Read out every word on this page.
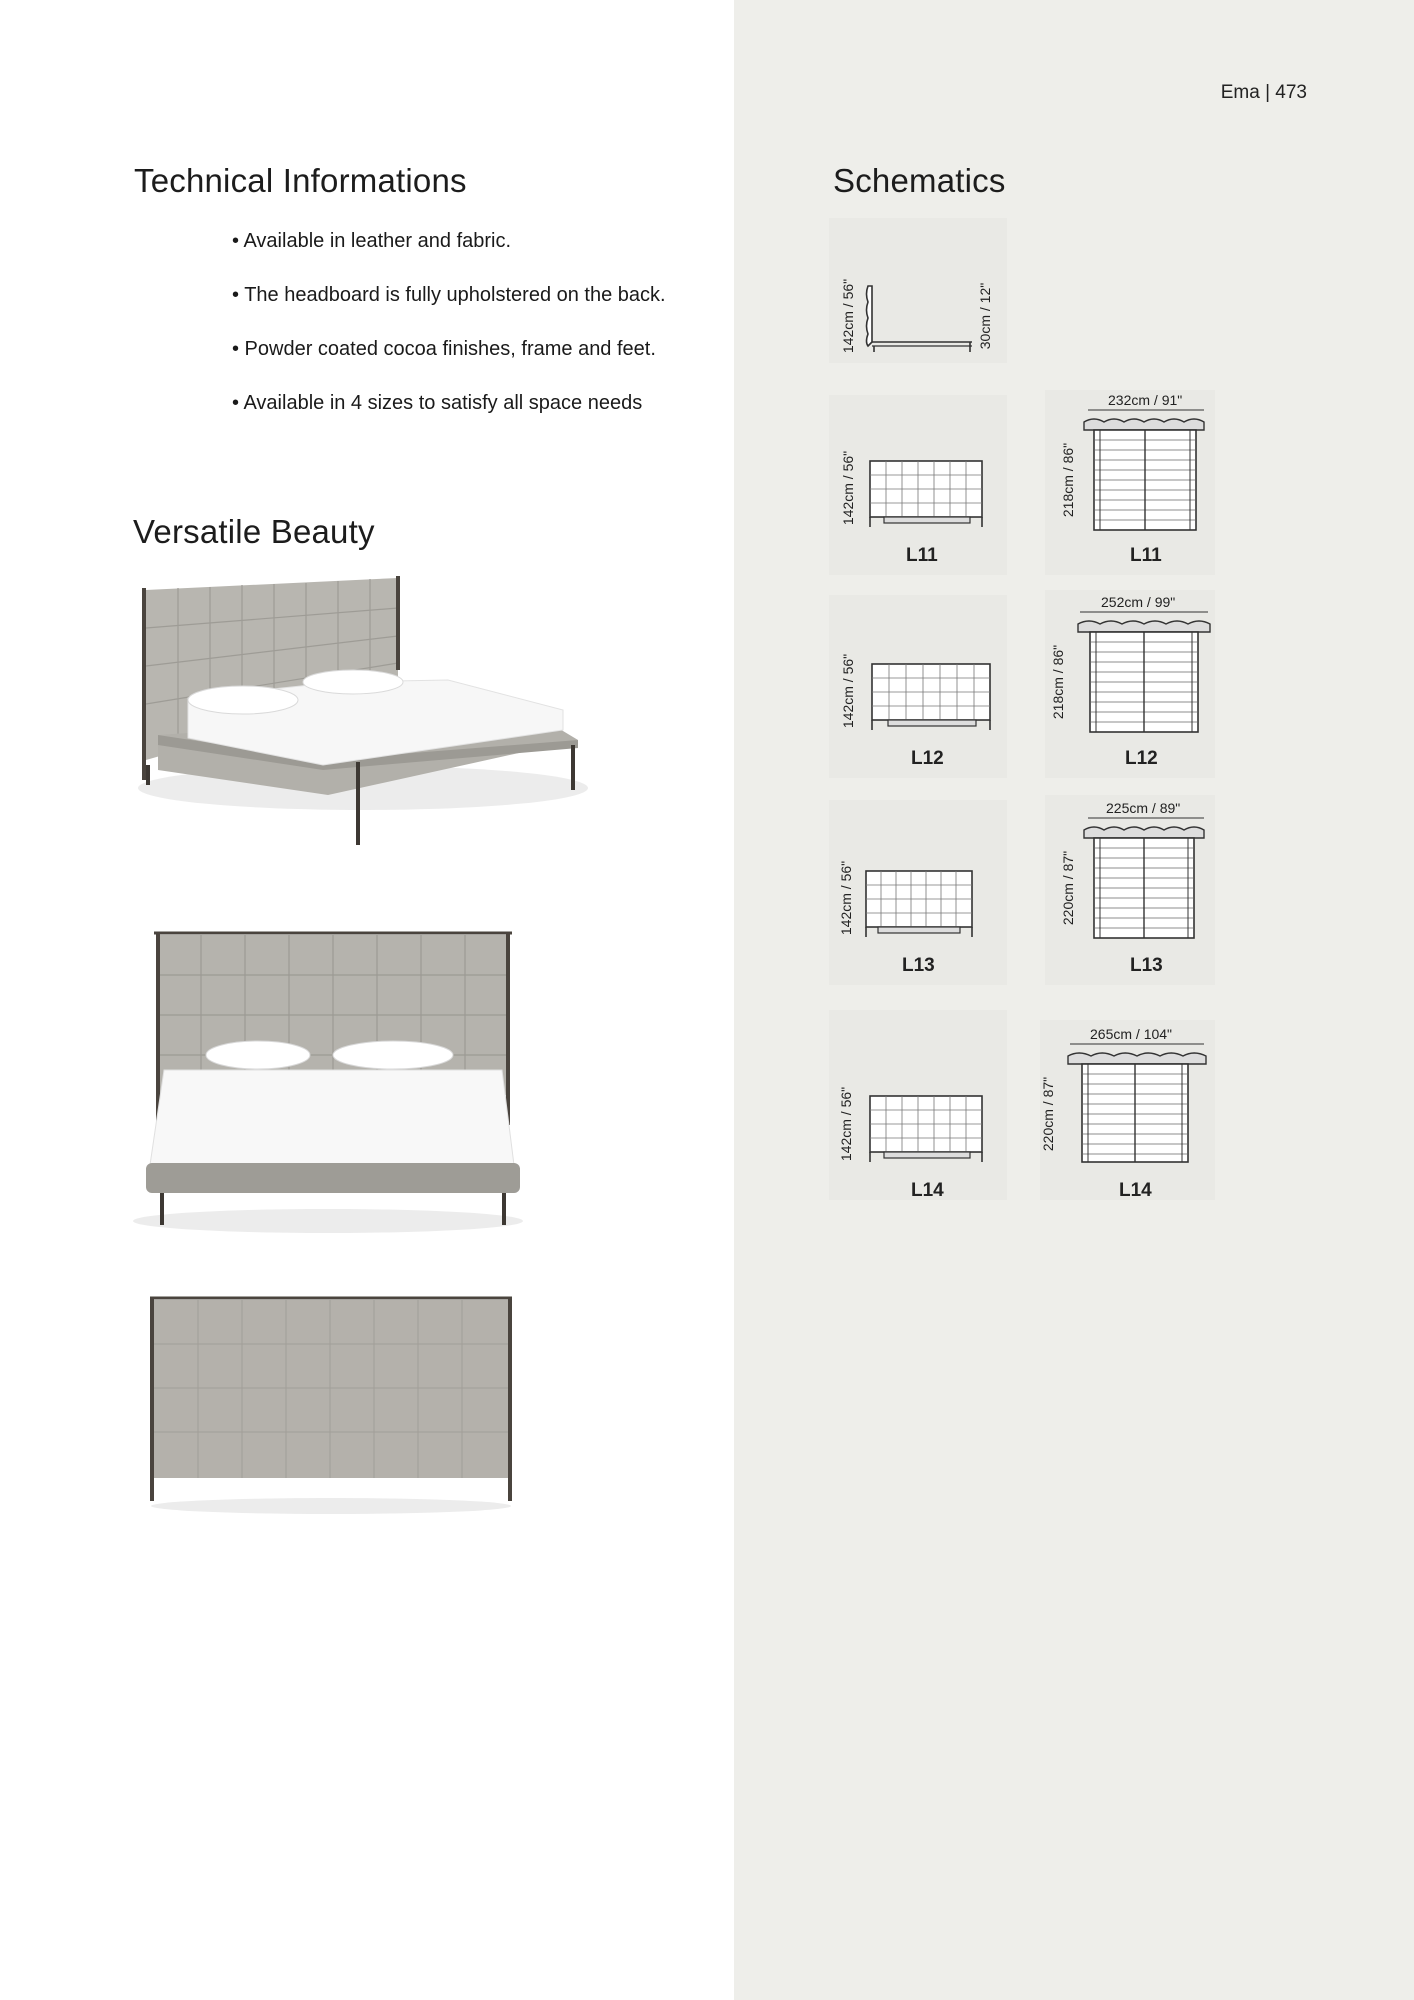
Ema | 473
Technical Informations
• Available in leather and fabric.
• The headboard is fully upholstered on the back.
• Powder coated cocoa finishes, frame and feet.
• Available in 4 sizes to satisfy all space needs
Versatile Beauty
Schematics
142cm / 56"	30cm / 12"
142cm / 56"
L11
232cm / 91"
218cm / 86"
L11
142cm / 56"
L12
252cm / 99"
218cm / 86"
L12
142cm / 56"
L13
225cm / 89"
220cm / 87"
L13
142cm / 56"
L14
265cm / 104"
220cm / 87"
L14
